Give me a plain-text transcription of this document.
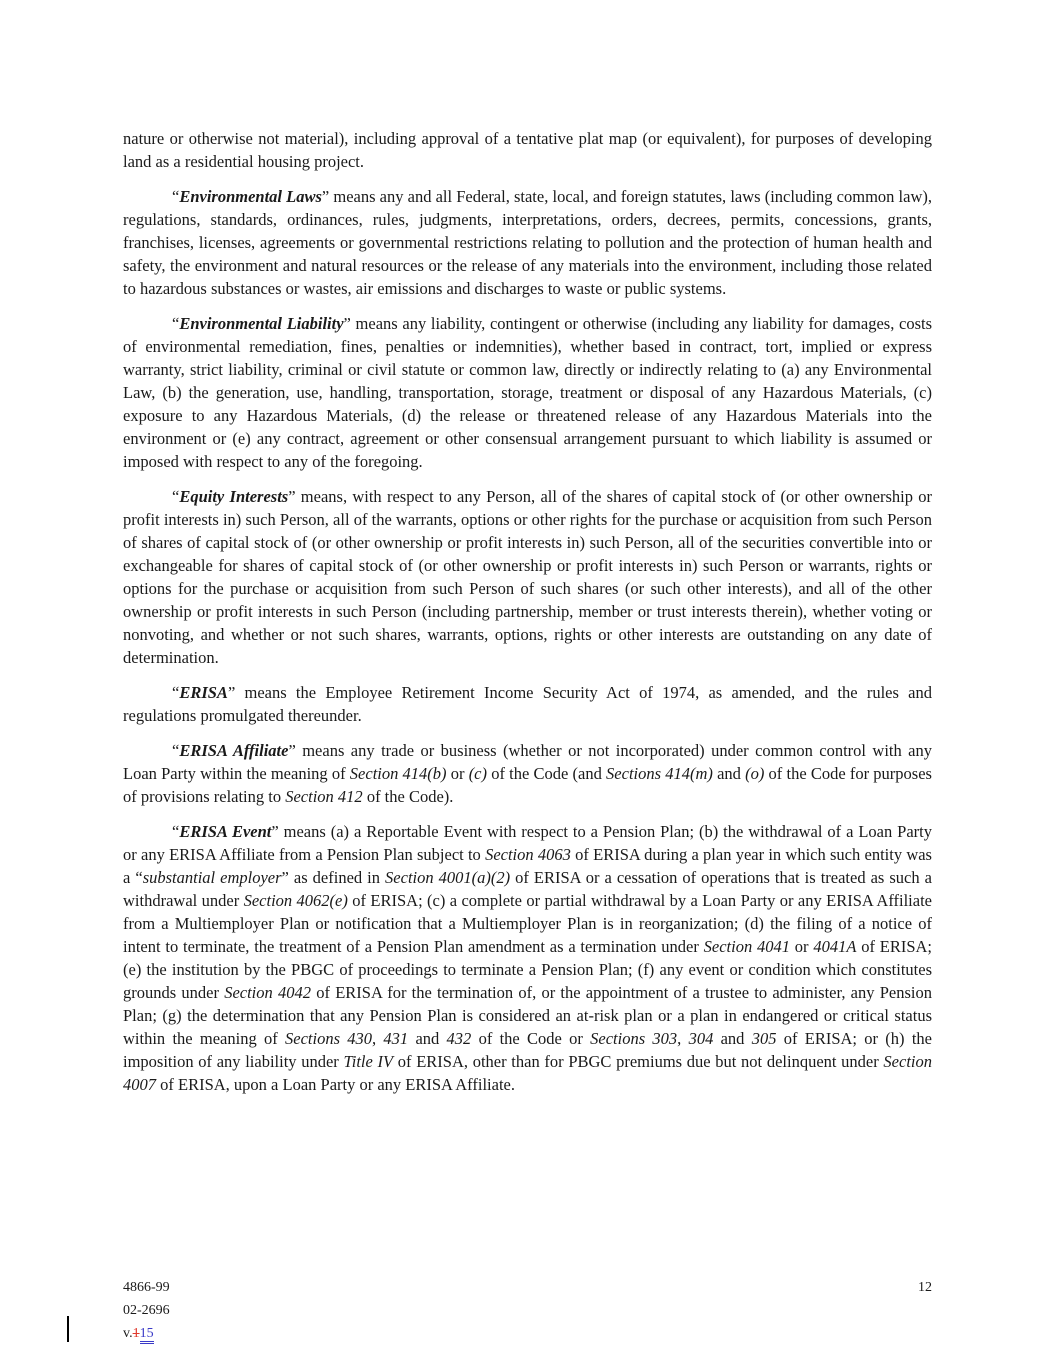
nature or otherwise not material), including approval of a tentative plat map (or equivalent), for purposes of developing land as a residential housing project.

“Environmental Laws” means any and all Federal, state, local, and foreign statutes, laws (including common law), regulations, standards, ordinances, rules, judgments, interpretations, orders, decrees, permits, concessions, grants, franchises, licenses, agreements or governmental restrictions relating to pollution and the protection of human health and safety, the environment and natural resources or the release of any materials into the environment, including those related to hazardous substances or wastes, air emissions and discharges to waste or public systems.

“Environmental Liability” means any liability, contingent or otherwise (including any liability for damages, costs of environmental remediation, fines, penalties or indemnities), whether based in contract, tort, implied or express warranty, strict liability, criminal or civil statute or common law, directly or indirectly relating to (a) any Environmental Law, (b) the generation, use, handling, transportation, storage, treatment or disposal of any Hazardous Materials, (c) exposure to any Hazardous Materials, (d) the release or threatened release of any Hazardous Materials into the environment or (e) any contract, agreement or other consensual arrangement pursuant to which liability is assumed or imposed with respect to any of the foregoing.

“Equity Interests” means, with respect to any Person, all of the shares of capital stock of (or other ownership or profit interests in) such Person, all of the warrants, options or other rights for the purchase or acquisition from such Person of shares of capital stock of (or other ownership or profit interests in) such Person, all of the securities convertible into or exchangeable for shares of capital stock of (or other ownership or profit interests in) such Person or warrants, rights or options for the purchase or acquisition from such Person of such shares (or such other interests), and all of the other ownership or profit interests in such Person (including partnership, member or trust interests therein), whether voting or nonvoting, and whether or not such shares, warrants, options, rights or other interests are outstanding on any date of determination.

“ERISA” means the Employee Retirement Income Security Act of 1974, as amended, and the rules and regulations promulgated thereunder.

“ERISA Affiliate” means any trade or business (whether or not incorporated) under common control with any Loan Party within the meaning of Section 414(b) or (c) of the Code (and Sections 414(m) and (o) of the Code for purposes of provisions relating to Section 412 of the Code).

“ERISA Event” means (a) a Reportable Event with respect to a Pension Plan; (b) the withdrawal of a Loan Party or any ERISA Affiliate from a Pension Plan subject to Section 4063 of ERISA during a plan year in which such entity was a “substantial employer” as defined in Section 4001(a)(2) of ERISA or a cessation of operations that is treated as such a withdrawal under Section 4062(e) of ERISA; (c) a complete or partial withdrawal by a Loan Party or any ERISA Affiliate from a Multiemployer Plan or notification that a Multiemployer Plan is in reorganization; (d) the filing of a notice of intent to terminate, the treatment of a Pension Plan amendment as a termination under Section 4041 or 4041A of ERISA; (e) the institution by the PBGC of proceedings to terminate a Pension Plan; (f) any event or condition which constitutes grounds under Section 4042 of ERISA for the termination of, or the appointment of a trustee to administer, any Pension Plan; (g) the determination that any Pension Plan is considered an at-risk plan or a plan in endangered or critical status within the meaning of Sections 430, 431 and 432 of the Code or Sections 303, 304 and 305 of ERISA; or (h) the imposition of any liability under Title IV of ERISA, other than for PBGC premiums due but not delinquent under Section 4007 of ERISA, upon a Loan Party or any ERISA Affiliate.

4866-99
02-2696
v.115
12
